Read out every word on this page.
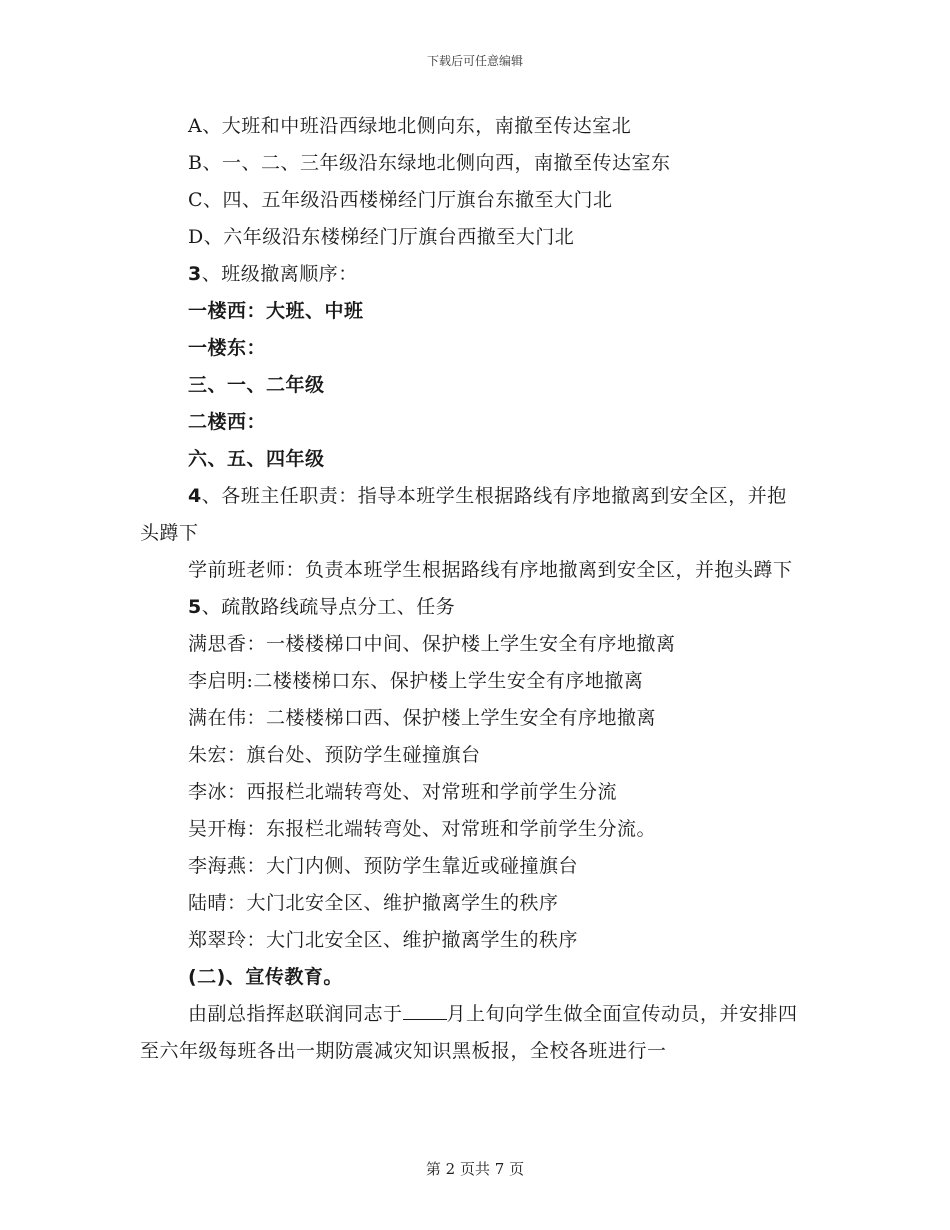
下载后可任意编辑

A、大班和中班沿西绿地北侧向东，南撤至传达室北

B、一、二、三年级沿东绿地北侧向西，南撤至传达室东

C、四、五年级沿西楼梯经门厅旗台东撤至大门北

D、六年级沿东楼梯经门厅旗台西撤至大门北

3、班级撤离顺序：

一楼西：大班、中班

一楼东：

三、一、二年级

二楼西：

六、五、四年级

4、各班主任职责：指导本班学生根据路线有序地撤离到安全区，并抱头蹲下

学前班老师：负责本班学生根据路线有序地撤离到安全区，并抱头蹲下

5、疏散路线疏导点分工、任务

满思香：一楼楼梯口中间、保护楼上学生安全有序地撤离

李启明:二楼楼梯口东、保护楼上学生安全有序地撤离

满在伟：二楼楼梯口西、保护楼上学生安全有序地撤离

朱宏：旗台处、预防学生碰撞旗台

李冰：西报栏北端转弯处、对常班和学前学生分流

吴开梅：东报栏北端转弯处、对常班和学前学生分流。

李海燕：大门内侧、预防学生靠近或碰撞旗台

陆晴：大门北安全区、维护撤离学生的秩序

郑翠玲：大门北安全区、维护撤离学生的秩序

(二)、宣传教育。

由副总指挥赵联润同志于 月上旬向学生做全面宣传动员，并安排四至六年级每班各出一期防震减灾知识黑板报，全校各班进行一

第 2 页共 7 页
